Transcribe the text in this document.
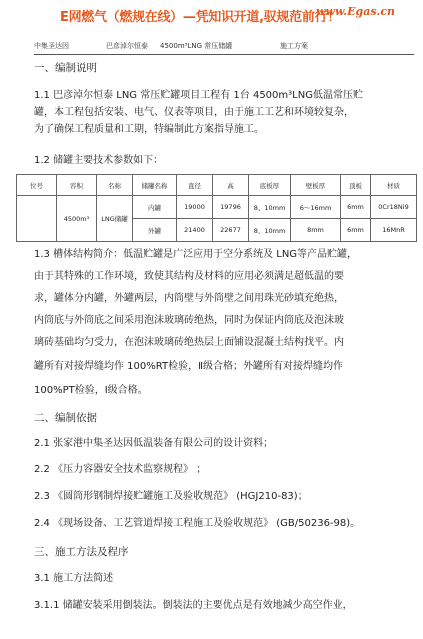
E网燃气（燃规在线）—凭知识开道,驭规范前行！
www.Egas.cn
中集圣达因	巴彦淖尔恒泰 4500m³LNG 常压储罐	施工方案
一、编制说明
1.1 巴彦淖尔恒泰 LNG 常压贮罐项目工程有 1台 4500m³LNG低温常压贮
罐，本工程包括安装、电气、仪表等项目，由于施工工艺和环境较复杂，
为了确保工程质量和工期，特编制此方案指导施工。
1.2 储罐主要技术参数如下：
位号	容积	名称	储罐名称	直径	高	底板厚	壁板厚	顶板	材质
	4500m³	LNG储罐	内罐	19000	19796	8、10mm	6～16mm	6mm	0Cr18Ni9
			外罐	21400	22677	8、10mm	8mm	6mm	16MnR
1.3 槽体结构简介：低温贮罐是广泛应用于空分系统及 LNG等产品贮罐，
由于其特殊的工作环境，致使其结构及材料的应用必须满足超低温的要
求，罐体分内罐，外罐两层，内筒壁与外筒壁之间用珠光砂填充绝热，
内筒底与外筒底之间采用泡沫玻璃砖绝热，同时为保证内筒底及泡沫玻
璃砖基础均匀受力，在泡沫玻璃砖绝热层上面铺设混凝土结构找平。内
罐所有对接焊缝均作 100%RT检验，Ⅱ级合格；外罐所有对接焊缝均作
100%PT检验，Ⅰ级合格。
二、编制依据
2.1 张家港中集圣达因低温装备有限公司的设计资料；
2.2 《压力容器安全技术监察规程》 ；
2.3 《圆筒形钢制焊接贮罐施工及验收规范》 (HGJ210-83)；
2.4 《现场设备、工艺管道焊接工程施工及验收规范》 (GB/50236-98)。
三、施工方法及程序
3.1 施工方法简述
3.1.1 储罐安装采用倒装法。倒装法的主要优点是有效地减少高空作业，
